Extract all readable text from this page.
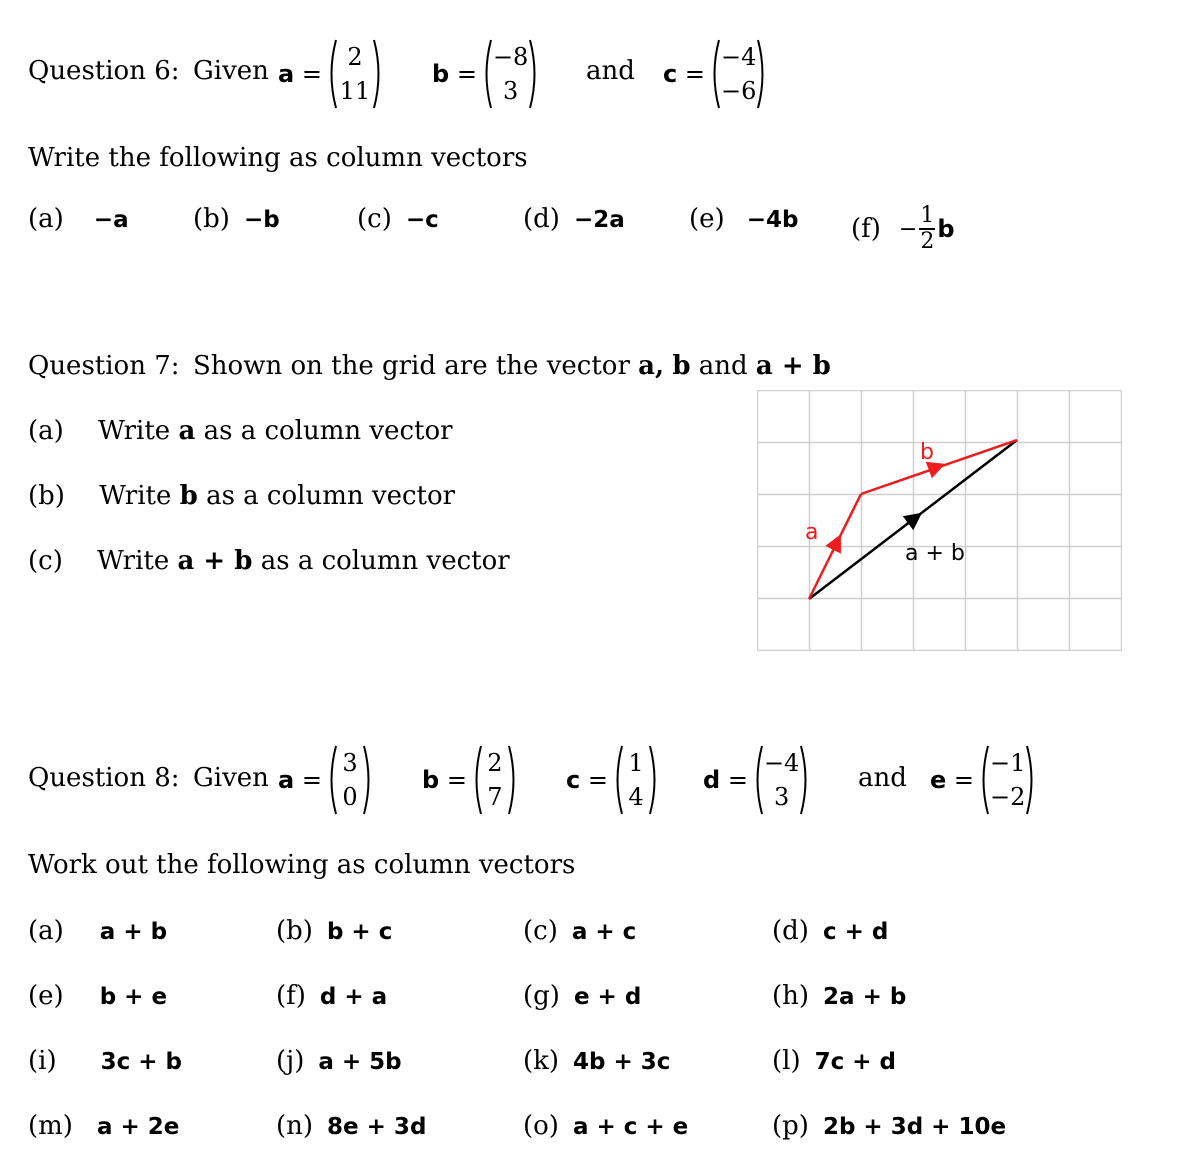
Question 6: Given a =
2
11
b =
−8
3
and c =
−4
−6
Write the following as column vectors
(a) −a (b) −b	(c) −c	(d) −2a (e) −4b $(f) - \frac{1}{2}$ b
Question 7: Shown on the grid are the vector a, b and a + b
(a) Write a as a column vector
(b) Write b as a column vector
(c) Write a + b as a column vector
a
b
a + b
Question 8: Given a =
3
0
b =
2
7
c =
1
4
d =
−4
3
and e =
−1
−2
Work out the following as column vectors
(a) a + b	(b) b + c	(c) a + c	(d) c + d
(e) b + e	(f) d + a	(g) e + d	(h) 2a + b
(i) 3c + b	(j) a + 5b	(k) 4b + 3c	(l) 7c + d
(m) a + 2e	(n) 8e + 3d	(o) a + c + e	(p) 2b + 3d + 10e
